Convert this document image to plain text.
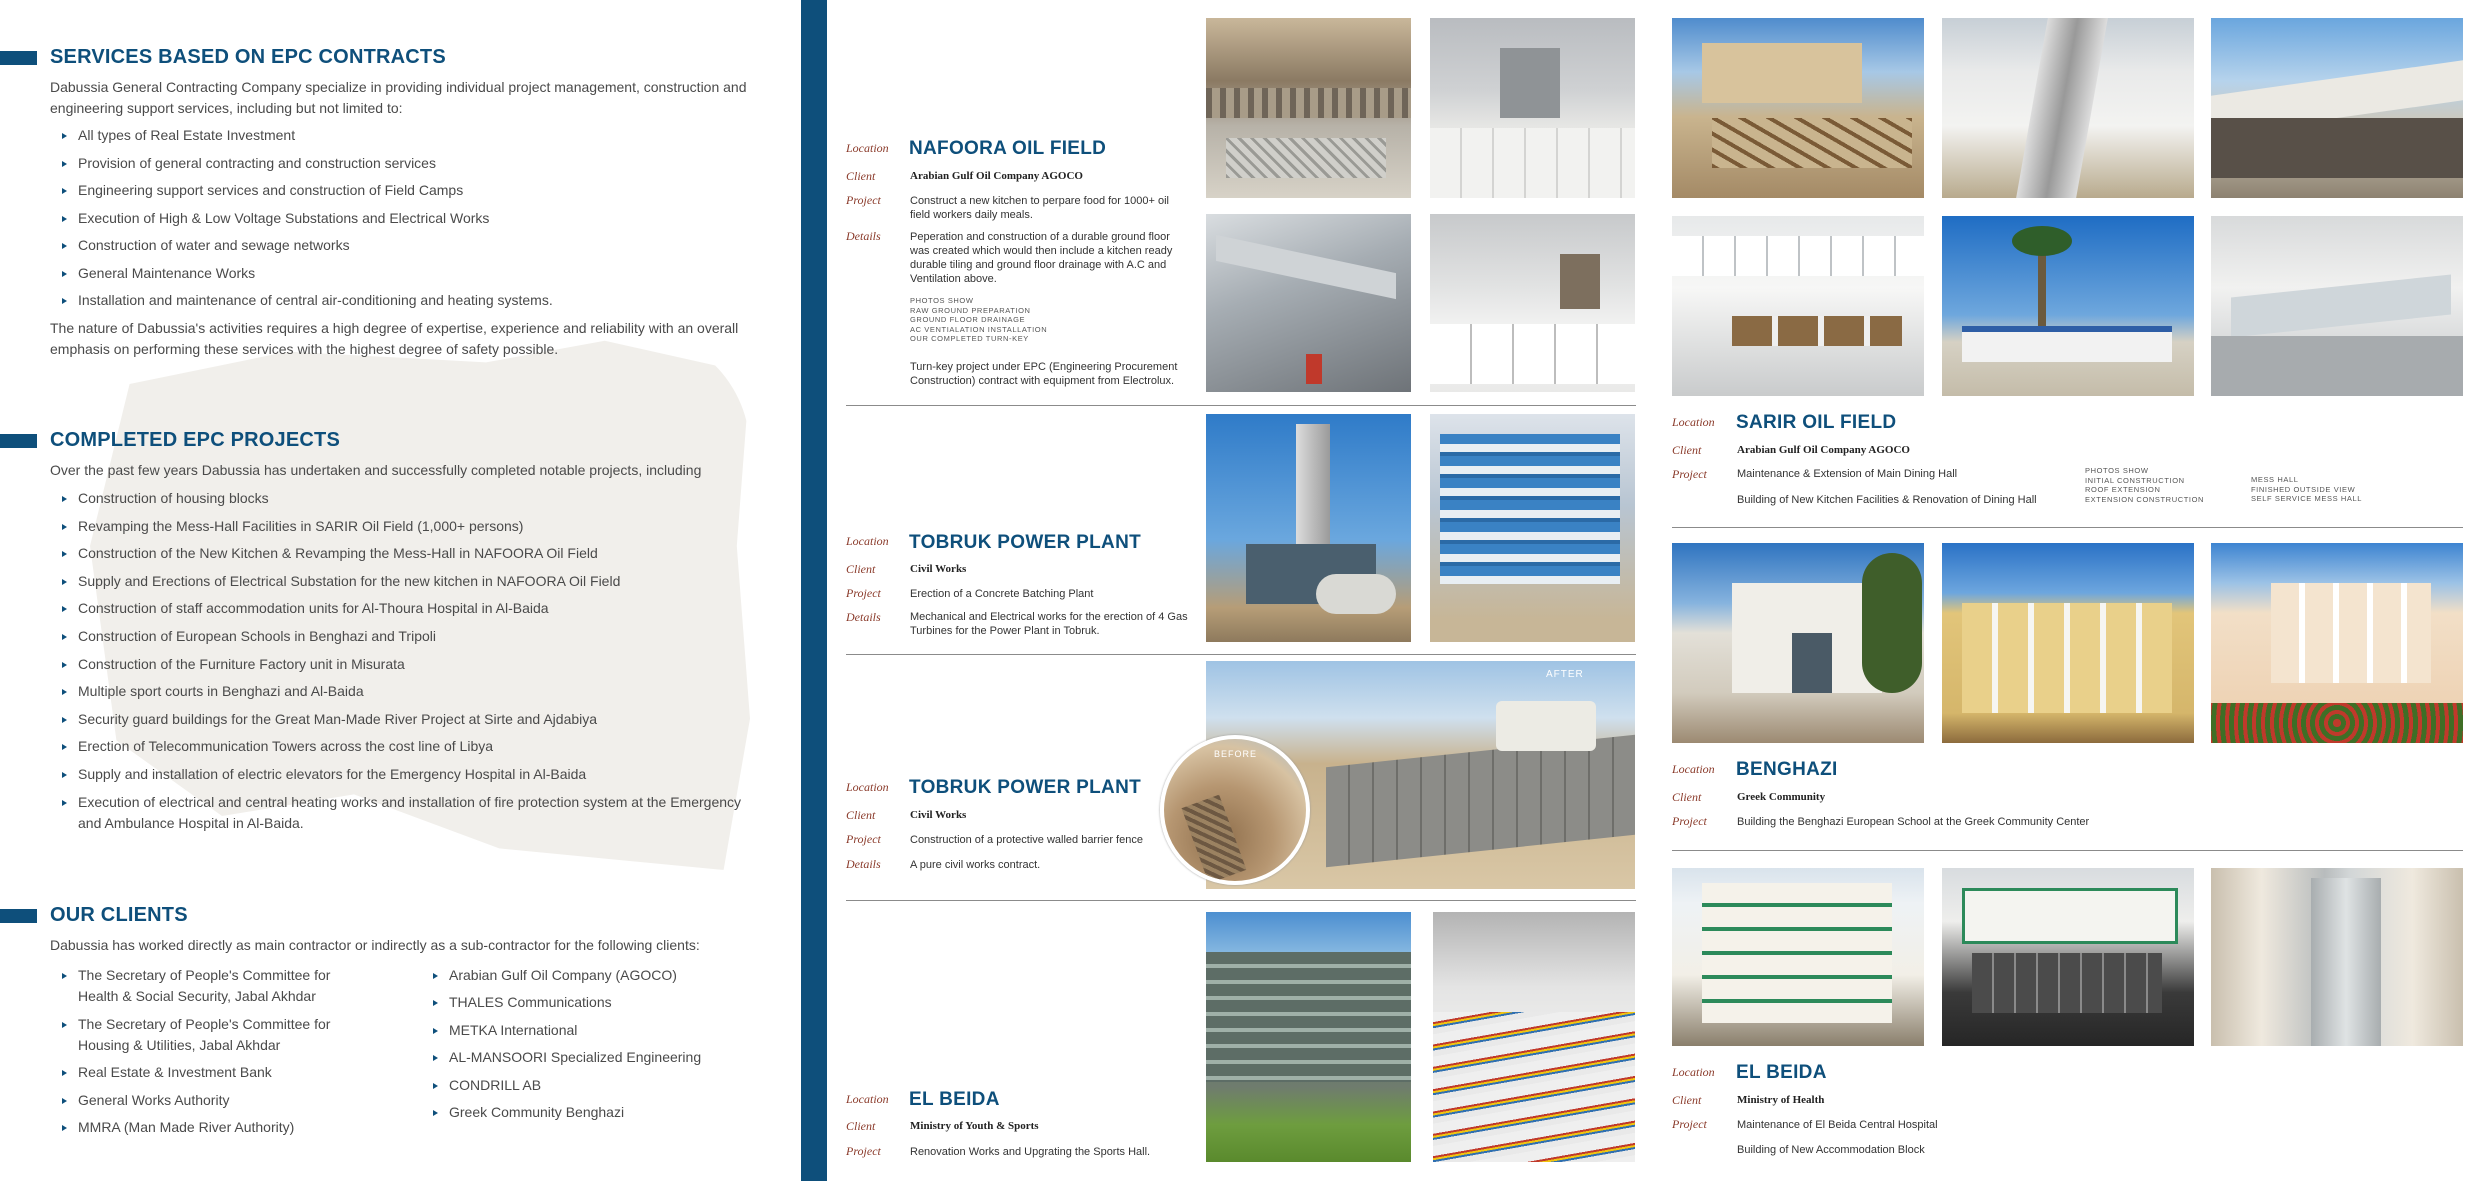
SERVICES BASED ON EPC CONTRACTS
Dabussia General Contracting Company specialize in providing individual project management, construction and engineering support services, including but not limited to:
All types of Real Estate Investment
Provision of general contracting and construction services
Engineering support services and construction of Field Camps
Execution of High & Low Voltage Substations and Electrical Works
Construction of water and sewage networks
General Maintenance Works
Installation and maintenance of central air-conditioning and heating systems.
The nature of Dabussia's activities requires a high degree of expertise, experience and reliability with an overall emphasis on performing these services with the highest degree of safety possible.
COMPLETED EPC PROJECTS
Over the past few years Dabussia has undertaken and successfully completed notable projects, including
Construction of housing blocks
Revamping the Mess-Hall Facilities in SARIR Oil Field (1,000+ persons)
Construction of the New Kitchen & Revamping the Mess-Hall in NAFOORA Oil Field
Supply and Erections of Electrical Substation for the new kitchen in NAFOORA Oil Field
Construction of staff accommodation units for Al-Thoura Hospital in Al-Baida
Construction of European Schools in Benghazi and Tripoli
Construction of the Furniture Factory unit in Misurata
Multiple sport courts in Benghazi and Al-Baida
Security guard buildings for the Great Man-Made River Project at Sirte and Ajdabiya
Erection of Telecommunication Towers across the cost line of Libya
Supply and installation of electric elevators for the Emergency Hospital in Al-Baida
Execution of electrical and central heating works and installation of fire protection system at the Emergency and Ambulance Hospital in Al-Baida.
OUR CLIENTS
Dabussia has worked directly as main contractor or indirectly as a sub-contractor for the following clients:
The Secretary of People's Committee for Health & Social Security, Jabal Akhdar
The Secretary of People's Committee for Housing & Utilities, Jabal Akhdar
Real Estate & Investment Bank
General Works Authority
MMRA (Man Made River Authority)
Arabian Gulf Oil Company (AGOCO)
THALES Communications
METKA International
AL-MANSOORI Specialized Engineering
CONDRILL AB
Greek Community Benghazi
Location NAFOORA OIL FIELD
Client	Arabian Gulf Oil Company AGOCO
Project	Construct a new kitchen to perpare food for 1000+ oil field workers daily meals.
Details	Peperation and construction of a durable ground floor was created which would then include a kitchen ready durable tiling and ground floor drainage with A.C and Ventilation above.
PHOTOS SHOW
RAW GROUND PREPARATION
GROUND FLOOR DRAINAGE
AC VENTIALATION INSTALLATION
OUR COMPLETED TURN-KEY
Turn-key project under EPC (Engineering Procurement Construction) contract with equipment from Electrolux.
Location TOBRUK POWER PLANT
Client	Civil Works
Project	Erection of a Concrete Batching Plant
Details	Mechanical and Electrical works for the erection of 4 Gas Turbines for the Power Plant in Tobruk.
AFTER
BEFORE
Location TOBRUK POWER PLANT
Client	Civil Works
Project	Construction of a protective walled barrier fence
Details	A pure civil works contract.
Location EL BEIDA
Client	Ministry of Youth & Sports
Project	Renovation Works and Upgrating the Sports Hall.
Location SARIR OIL FIELD
Client	Arabian Gulf Oil Company AGOCO
Project	Maintenance & Extension of Main Dining Hall
Building of New Kitchen Facilities & Renovation of Dining Hall
PHOTOS SHOW
INITIAL CONSTRUCTION
ROOF EXTENSION
EXTENSION CONSTRUCTION
MESS HALL
FINISHED OUTSIDE VIEW
SELF SERVICE MESS HALL
Location BENGHAZI
Client	Greek Community
Project	Building the Benghazi European School at the Greek Community Center
Location EL BEIDA
Client	Ministry of Health
Project	Maintenance of El Beida Central Hospital
Building of New Accommodation Block
